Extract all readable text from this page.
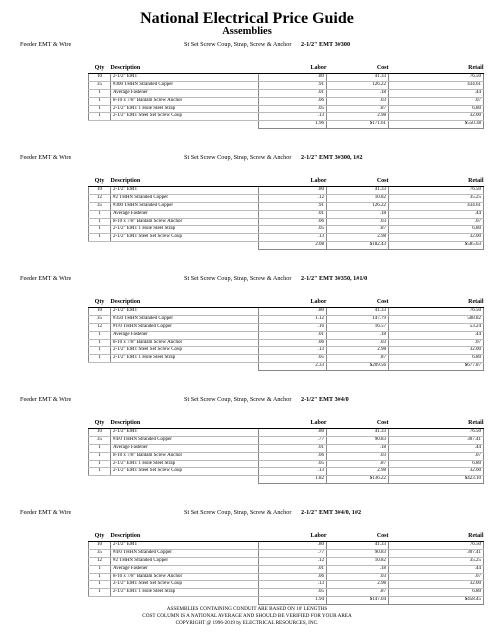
National Electrical Price Guide
Assemblies
Feeder EMT & Wire	St Set Screw Coup, Strap, Screw & Anchor	2-1/2" EMT 3#300
Qty	Description	Labor	Cost	Retail
10	2-1/2" EMT	.80	41.33	76.50
35	#300 THHN Stranded Copper	.91	126.22	434.61
1	Average Fastener	.01	.18	.44
1	8-10 x 7/8" Bantam Screw Anchor	.06	.03	.07
1	2-1/2" EMT 1 Hole Steel Strap	.05	.87	6.80
1	2-1/2" EMT Steel Set Screw Coup	.13	2.98	32.00
		1.96	$171.61	$550.38
Feeder EMT & Wire	St Set Screw Coup, Strap, Screw & Anchor	2-1/2" EMT 3#300, 1#2
Qty	Description	Labor	Cost	Retail
10	2-1/2" EMT	.80	41.33	76.50
12	#2 THHN Stranded Copper	.12	10.82	35.25
35	#300 THHN Stranded Copper	.91	126.22	434.61
1	Average Fastener	.01	.18	.44
1	8-10 x 7/8" Bantam Screw Anchor	.06	.03	.07
1	2-1/2" EMT 1 Hole Steel Strap	.05	.87	6.80
1	2-1/2" EMT Steel Set Screw Coup	.13	2.98	32.00
		2.08	$182.43	$585.63
Feeder EMT & Wire	St Set Screw Coup, Strap, Screw & Anchor	2-1/2" EMT 3#350, 1#1/0
Qty	Description	Labor	Cost	Retail
10	2-1/2" EMT	.80	41.33	76.50
35	#350 THHN Stranded Copper	1.12	147.79	508.82
12	#1/0 THHN Stranded Copper	.16	16.57	53.24
1	Average Fastener	.01	.18	.44
1	8-10 x 7/8" Bantam Screw Anchor	.06	.03	.07
1	2-1/2" EMT Steel Set Screw Coup	.13	2.98	32.00
1	2-1/2" EMT 1 Hole Steel Strap	.05	.87	6.80
		2.33	$209.56	$677.87
Feeder EMT & Wire	St Set Screw Coup, Strap, Screw & Anchor	2-1/2" EMT 3#4/0
Qty	Description	Labor	Cost	Retail
10	2-1/2" EMT	.80	41.33	76.50
35	#4/0 THHN Stranded Copper	.77	90.83	307.41
1	Average Fastener	.01	.18	.44
1	8-10 x 7/8" Bantam Screw Anchor	.06	.03	.07
1	2-1/2" EMT 1 Hole Steel Strap	.05	.87	6.80
1	2-1/2" EMT Steel Set Screw Coup	.13	2.98	32.00
		1.82	$136.22	$423.10
Feeder EMT & Wire	St Set Screw Coup, Strap, Screw & Anchor	2-1/2" EMT 3#4/0, 1#2
Qty	Description	Labor	Cost	Retail
10	2-1/2" EMT	.80	41.33	76.50
35	#4/0 THHN Stranded Copper	.77	90.83	307.41
12	#2 THHN Stranded Copper	.12	10.82	35.25
1	Average Fastener	.01	.18	.44
1	8-10 x 7/8" Bantam Screw Anchor	.06	.03	.07
1	2-1/2" EMT Steel Set Screw Coup	.13	2.98	32.00
1	2-1/2" EMT 1 Hole Steel Strap	.05	.87	6.80
		1.94	$147.04	$458.45
ASSEMBLIES CONTAINING CONDUIT ARE BASED ON 10' LENGTHS
COST COLUMN IS A NATIONAL AVERAGE AND SHOULD BE VERIFIED FOR YOUR AREA
COPYRIGHT @ 1996-2019 by ELECTRICAL RESOURCES, INC.
